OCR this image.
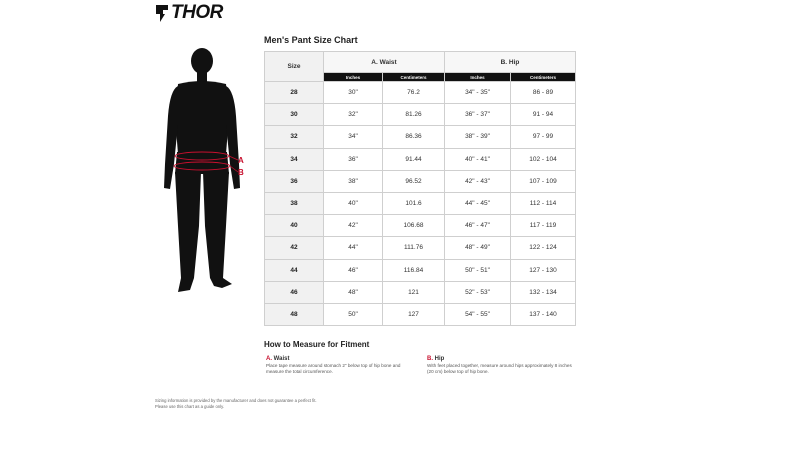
THOR
A
B
Men's Pant Size Chart
Size	A. Waist		B. Hip	
	Inches	Centimeters	Inches	Centimeters
28	30"	76.2	34" - 35"	86 - 89
30	32"	81.26	36" - 37"	91 - 94
32	34"	86.36	38" - 39"	97 - 99
34	36"	91.44	40" - 41"	102 - 104
36	38"	96.52	42" - 43"	107 - 109
38	40"	101.6	44" - 45"	112 - 114
40	42"	106.68	46" - 47"	117 - 119
42	44"	111.76	48" - 49"	122 - 124
44	46"	116.84	50" - 51"	127 - 130
46	48"	121	52" - 53"	132 - 134
48	50"	127	54" - 55"	137 - 140
How to Measure for Fitment
A. Waist
Place tape measure around stomach 2" below top of hip bone and measure the total circumference.
B. Hip
With feet placed together, measure around hips approximately 8 inches (20 cm) below top of hip bone.
Sizing information is provided by the manufacturer and does not guarantee a perfect fit.
Please use this chart as a guide only.
